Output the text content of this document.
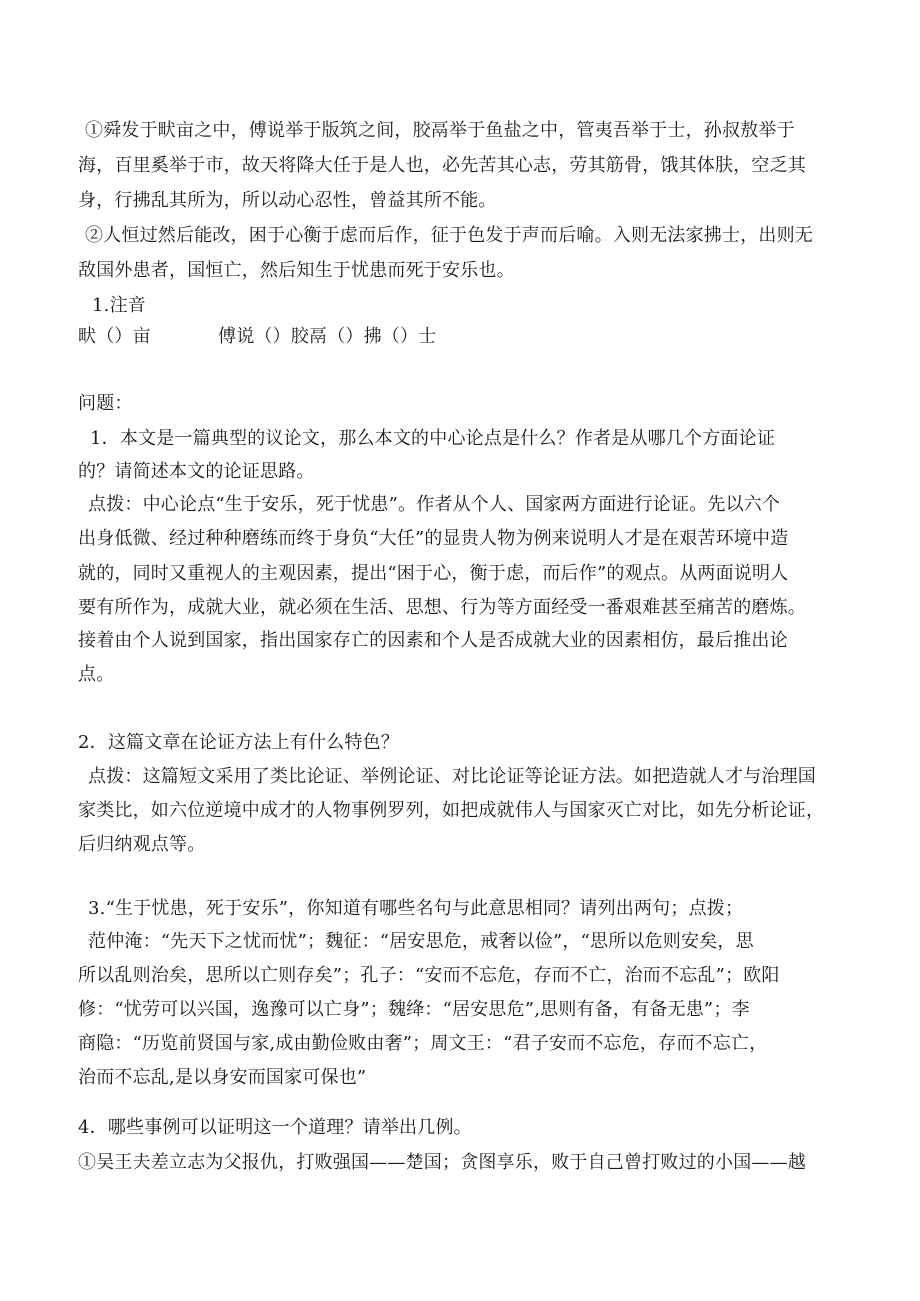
①舜发于畎亩之中，傅说举于版筑之间，胶鬲举于鱼盐之中，管夷吾举于士，孙叔敖举于
海，百里奚举于市，故天将降大任于是人也，必先苦其心志，劳其筋骨，饿其体肤，空乏其
身，行拂乱其所为，所以动心忍性，曾益其所不能。
②人恒过然后能改，困于心衡于虑而后作，征于色发于声而后喻。入则无法家拂士，出则无
敌国外患者，国恒亡，然后知生于忧患而死于安乐也。
1.注音
畎（）亩	傅说（）胶鬲（）拂（）士
问题：
1．本文是一篇典型的议论文，那么本文的中心论点是什么？作者是从哪几个方面论证
的？请简述本文的论证思路。
点拨：中心论点“生于安乐，死于忧患”。作者从个人、国家两方面进行论证。先以六个
出身低微、经过种种磨练而终于身负“大任”的显贵人物为例来说明人才是在艰苦环境中造
就的，同时又重视人的主观因素，提出“困于心，衡于虑，而后作”的观点。从两面说明人
要有所作为，成就大业，就必须在生活、思想、行为等方面经受一番艰难甚至痛苦的磨炼。
接着由个人说到国家，指出国家存亡的因素和个人是否成就大业的因素相仿，最后推出论
点。
2．这篇文章在论证方法上有什么特色？
点拨：这篇短文采用了类比论证、举例论证、对比论证等论证方法。如把造就人才与治理国
家类比，如六位逆境中成才的人物事例罗列，如把成就伟人与国家灭亡对比，如先分析论证，
后归纳观点等。
3.“生于忧患，死于安乐”，你知道有哪些名句与此意思相同？请列出两句；点拨；
范仲淹：“先天下之忧而忧”；魏征：“居安思危，戒奢以俭”，“思所以危则安矣，思
所以乱则治矣，思所以亡则存矣”；孔子：“安而不忘危，存而不亡，治而不忘乱”；欧阳
修：“忧劳可以兴国，逸豫可以亡身”；魏绛：“居安思危”,思则有备，有备无患”；李
商隐：“历览前贤国与家,成由勤俭败由奢”；周文王：“君子安而不忘危，存而不忘亡，
治而不忘乱,是以身安而国家可保也”
4．哪些事例可以证明这一个道理？请举出几例。
①吴王夫差立志为父报仇，打败强国——楚国；贪图享乐，败于自己曾打败过的小国——越
